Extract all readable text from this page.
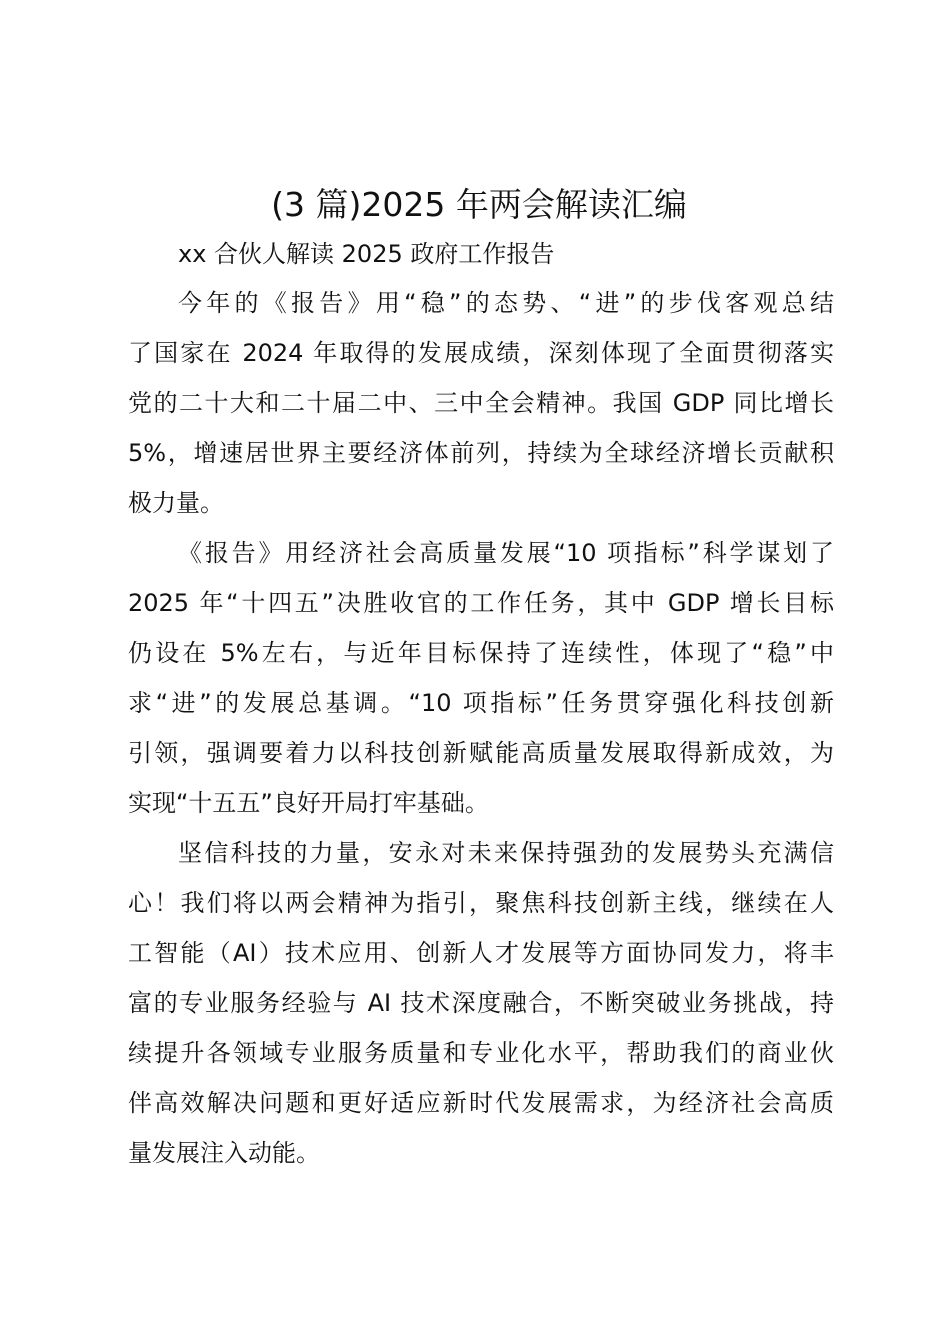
(3 篇)2025 年两会解读汇编
xx 合伙人解读 2025 政府工作报告
今年的《报告》用“稳”的态势、“进”的步伐客观总结
了国家在 2024 年取得的发展成绩，深刻体现了全面贯彻落实
党的二十大和二十届二中、三中全会精神。我国 GDP 同比增长
5%，增速居世界主要经济体前列，持续为全球经济增长贡献积
极力量。
《报告》用经济社会高质量发展“10 项指标”科学谋划了
2025 年“十四五”决胜收官的工作任务，其中 GDP 增长目标
仍设在 5%左右，与近年目标保持了连续性，体现了“稳”中
求“进”的发展总基调。“10 项指标”任务贯穿强化科技创新
引领，强调要着力以科技创新赋能高质量发展取得新成效，为
实现“十五五”良好开局打牢基础。
坚信科技的力量，安永对未来保持强劲的发展势头充满信
心！我们将以两会精神为指引，聚焦科技创新主线，继续在人
工智能（AI）技术应用、创新人才发展等方面协同发力，将丰
富的专业服务经验与 AI 技术深度融合，不断突破业务挑战，持
续提升各领域专业服务质量和专业化水平，帮助我们的商业伙
伴高效解决问题和更好适应新时代发展需求，为经济社会高质
量发展注入动能。
